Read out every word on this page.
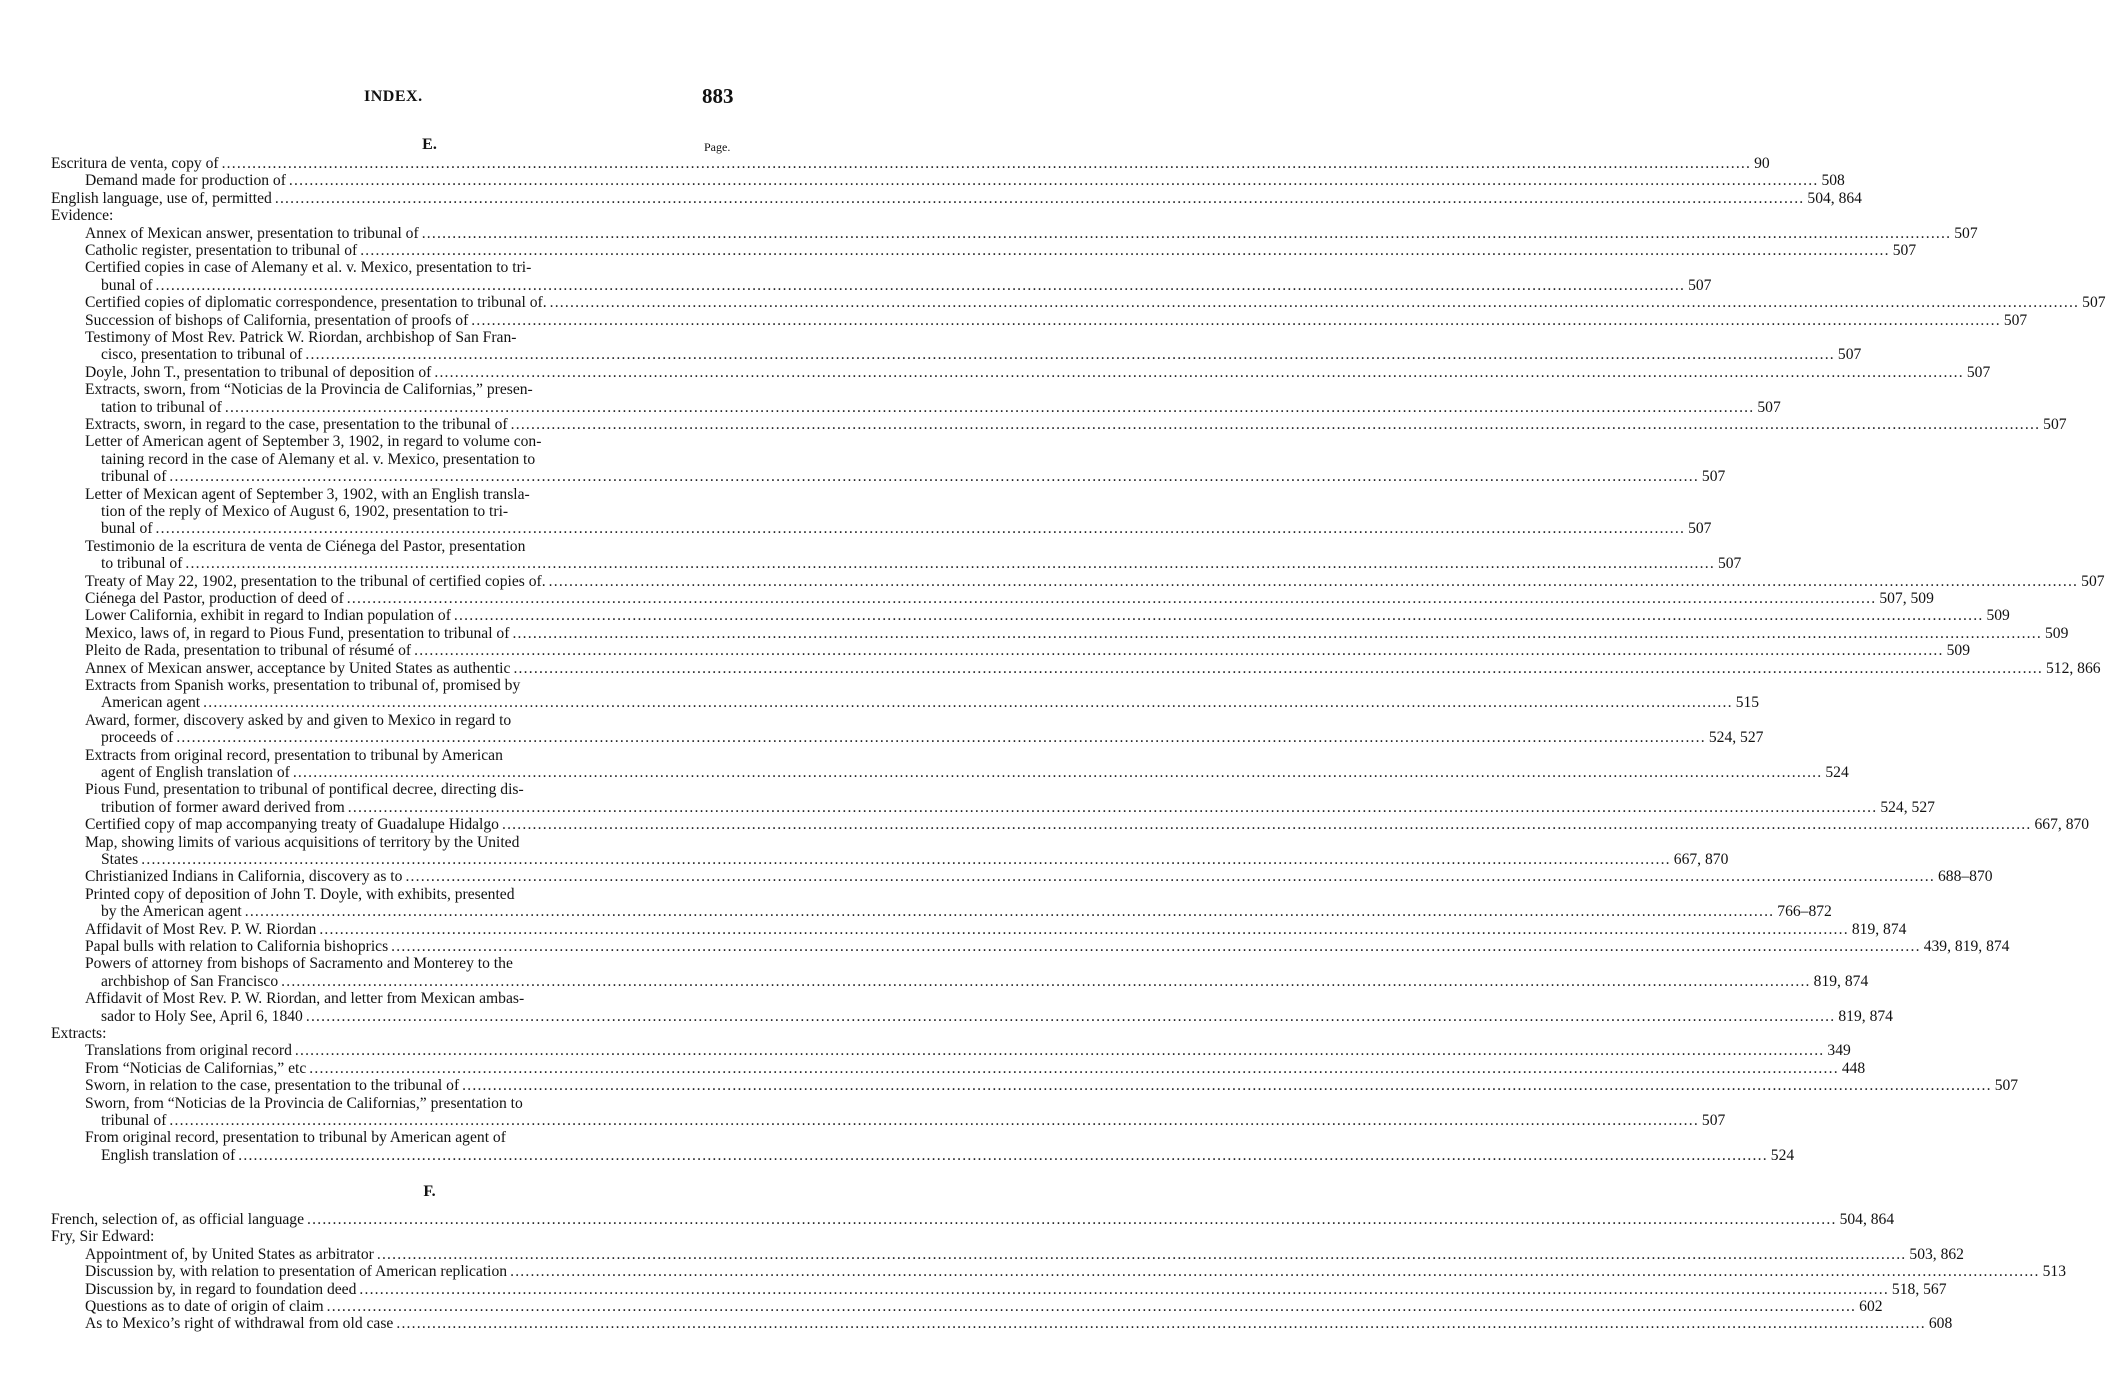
INDEX.	883
Page.
Escritura de venta, copy of ............................................................................................................................................................................................................................................................................................................ 90
Demand made for production of ............................................................................................................................................................................................................................................................................................................ 508
English language, use of, permitted ............................................................................................................................................................................................................................................................................................................ 504, 864
Evidence:
Annex of Mexican answer, presentation to tribunal of ............................................................................................................................................................................................................................................................................................................ 507
Catholic register, presentation to tribunal of ............................................................................................................................................................................................................................................................................................................ 507
Certified copies in case of Alemany et al. v. Mexico, presentation to tri-
bunal of ............................................................................................................................................................................................................................................................................................................ 507
Certified copies of diplomatic correspondence, presentation to tribunal of. ............................................................................................................................................................................................................................................................................................................ 507
Succession of bishops of California, presentation of proofs of ............................................................................................................................................................................................................................................................................................................ 507
Testimony of Most Rev. Patrick W. Riordan, archbishop of San Fran-
cisco, presentation to tribunal of ............................................................................................................................................................................................................................................................................................................ 507
Doyle, John T., presentation to tribunal of deposition of ............................................................................................................................................................................................................................................................................................................ 507
Extracts, sworn, from “Noticias de la Provincia de Californias,” presen-
tation to tribunal of ............................................................................................................................................................................................................................................................................................................ 507
Extracts, sworn, in regard to the case, presentation to the tribunal of ............................................................................................................................................................................................................................................................................................................ 507
Letter of American agent of September 3, 1902, in regard to volume con-
taining record in the case of Alemany et al. v. Mexico, presentation to
tribunal of ............................................................................................................................................................................................................................................................................................................ 507
Letter of Mexican agent of September 3, 1902, with an English transla-
tion of the reply of Mexico of August 6, 1902, presentation to tri-
bunal of ............................................................................................................................................................................................................................................................................................................ 507
Testimonio de la escritura de venta de Ciénega del Pastor, presentation
to tribunal of ............................................................................................................................................................................................................................................................................................................ 507
Treaty of May 22, 1902, presentation to the tribunal of certified copies of. ............................................................................................................................................................................................................................................................................................................ 507
Ciénega del Pastor, production of deed of ............................................................................................................................................................................................................................................................................................................ 507, 509
Lower California, exhibit in regard to Indian population of ............................................................................................................................................................................................................................................................................................................ 509
Mexico, laws of, in regard to Pious Fund, presentation to tribunal of ............................................................................................................................................................................................................................................................................................................ 509
Pleito de Rada, presentation to tribunal of résumé of ............................................................................................................................................................................................................................................................................................................ 509
Annex of Mexican answer, acceptance by United States as authentic ............................................................................................................................................................................................................................................................................................................ 512, 866
Extracts from Spanish works, presentation to tribunal of, promised by
American agent ............................................................................................................................................................................................................................................................................................................ 515
Award, former, discovery asked by and given to Mexico in regard to
proceeds of ............................................................................................................................................................................................................................................................................................................ 524, 527
Extracts from original record, presentation to tribunal by American
agent of English translation of ............................................................................................................................................................................................................................................................................................................ 524
Pious Fund, presentation to tribunal of pontifical decree, directing dis-
tribution of former award derived from ............................................................................................................................................................................................................................................................................................................ 524, 527
Certified copy of map accompanying treaty of Guadalupe Hidalgo ............................................................................................................................................................................................................................................................................................................ 667, 870
Map, showing limits of various acquisitions of territory by the United
States ............................................................................................................................................................................................................................................................................................................ 667, 870
Christianized Indians in California, discovery as to ............................................................................................................................................................................................................................................................................................................ 688–870
Printed copy of deposition of John T. Doyle, with exhibits, presented
by the American agent ............................................................................................................................................................................................................................................................................................................ 766–872
Affidavit of Most Rev. P. W. Riordan ............................................................................................................................................................................................................................................................................................................ 819, 874
Papal bulls with relation to California bishoprics ............................................................................................................................................................................................................................................................................................................ 439, 819, 874
Powers of attorney from bishops of Sacramento and Monterey to the
archbishop of San Francisco ............................................................................................................................................................................................................................................................................................................ 819, 874
Affidavit of Most Rev. P. W. Riordan, and letter from Mexican ambas-
sador to Holy See, April 6, 1840 ............................................................................................................................................................................................................................................................................................................ 819, 874
Extracts:
Translations from original record ............................................................................................................................................................................................................................................................................................................ 349
From “Noticias de Californias,” etc ............................................................................................................................................................................................................................................................................................................ 448
Sworn, in relation to the case, presentation to the tribunal of ............................................................................................................................................................................................................................................................................................................ 507
Sworn, from “Noticias de la Provincia de Californias,” presentation to
tribunal of ............................................................................................................................................................................................................................................................................................................ 507
From original record, presentation to tribunal by American agent of
English translation of ............................................................................................................................................................................................................................................................................................................ 524
French, selection of, as official language ............................................................................................................................................................................................................................................................................................................ 504, 864
Fry, Sir Edward:
Appointment of, by United States as arbitrator ............................................................................................................................................................................................................................................................................................................ 503, 862
Discussion by, with relation to presentation of American replication ............................................................................................................................................................................................................................................................................................................ 513
Discussion by, in regard to foundation deed ............................................................................................................................................................................................................................................................................................................ 518, 567
Questions as to date of origin of claim ............................................................................................................................................................................................................................................................................................................ 602
As to Mexico’s right of withdrawal from old case ............................................................................................................................................................................................................................................................................................................ 608
E.
F.
